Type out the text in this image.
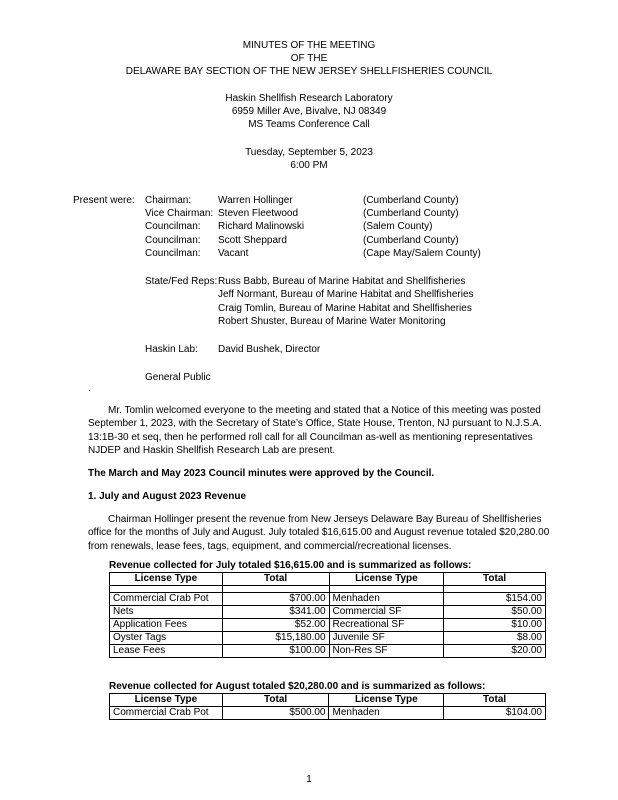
MINUTES OF THE MEETING
OF THE
DELAWARE BAY SECTION OF THE NEW JERSEY SHELLFISHERIES COUNCIL
Haskin Shellfish Research Laboratory
6959 Miller Ave, Bivalve, NJ 08349
MS Teams Conference Call
Tuesday, September 5, 2023
6:00 PM
Present were: Chairman:	Warren Hollinger	(Cumberland County)
Vice Chairman: Steven Fleetwood	(Cumberland County)
Councilman: Richard Malinowski	(Salem County)
Councilman: Scott Sheppard	(Cumberland County)
Councilman: Vacant	(Cape May/Salem County)
State/Fed Reps: Russ Babb, Bureau of Marine Habitat and Shellfisheries
Jeff Normant, Bureau of Marine Habitat and Shellfisheries
Craig Tomlin, Bureau of Marine Habitat and Shellfisheries
Robert Shuster, Bureau of Marine Water Monitoring
Haskin Lab: David Bushek, Director
General Public
.
Mr. Tomlin welcomed everyone to the meeting and stated that a Notice of this meeting was posted September 1, 2023, with the Secretary of State’s Office, State House, Trenton, NJ pursuant to N.J.S.A. 13:1B-30 et seq, then he performed roll call for all Councilman as-well as mentioning representatives NJDEP and Haskin Shellfish Research Lab are present.
The March and May 2023 Council minutes were approved by the Council.
1. July and August 2023 Revenue
Chairman Hollinger present the revenue from New Jerseys Delaware Bay Bureau of Shellfisheries office for the months of July and August. July totaled $16,615.00 and August revenue totaled $20,280.00 from renewals, lease fees, tags, equipment, and commercial/recreational licenses.
Revenue collected for July totaled $16,615.00 and is summarized as follows:
License Type	Total	License Type	Total

Commercial Crab Pot	$700.00	Menhaden	$154.00
Nets	$341.00	Commercial SF	$50.00
Application Fees	$52.00	Recreational SF	$10.00
Oyster Tags	$15,180.00	Juvenile SF	$8.00
Lease Fees	$100.00	Non-Res SF	$20.00
Revenue collected for August totaled $20,280.00 and is summarized as follows:
License Type	Total	License Type	Total
Commercial Crab Pot	$500.00	Menhaden	$104.00
1
